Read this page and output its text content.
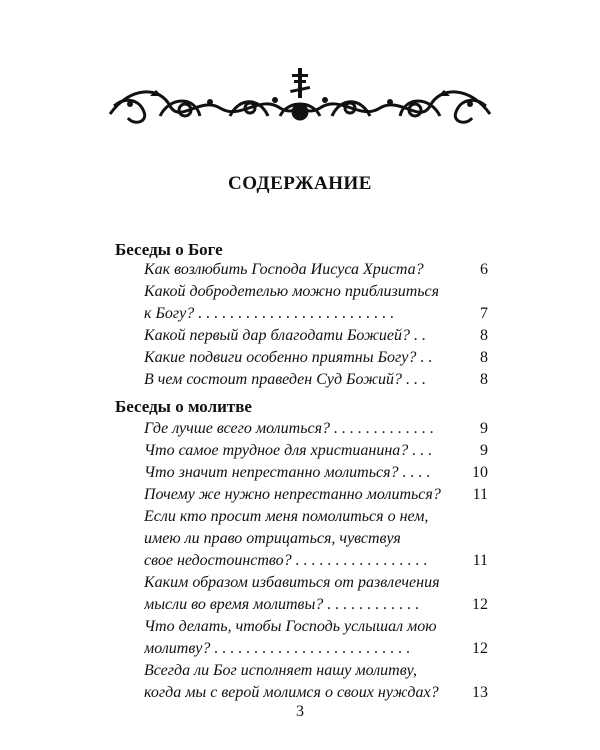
СОДЕРЖАНИЕ
Беседы о Боге
Как возлюбить Господа Иисуса Христа?	6
Какой добродетелью можно приблизиться
к Богу? . . . . . . . . . . . . . . . . . . . . . . . . .	7
Какой первый дар благодати Божией? . .	8
Какие подвиги особенно приятны Богу? . .	8
В чем состоит праведен Суд Божий? . . .	8
Беседы о молитве
Где лучше всего молиться? . . . . . . . . . . . . .	9
Что самое трудное для христианина? . . .	9
Что значит непрестанно молиться? . . . .	10
Почему же нужно непрестанно молиться?	11
Если кто просит меня помолиться о нем,
имею ли право отрицаться, чувствуя
свое недостоинство? . . . . . . . . . . . . . . . . .	11
Каким образом избавиться от развлечения
мысли во время молитвы? . . . . . . . . . . . .	12
Что делать, чтобы Господь услышал мою
молитву? . . . . . . . . . . . . . . . . . . . . . . . . .	12
Всегда ли Бог исполняет нашу молитву,
когда мы с верой молимся о своих нуждах?	13
3
